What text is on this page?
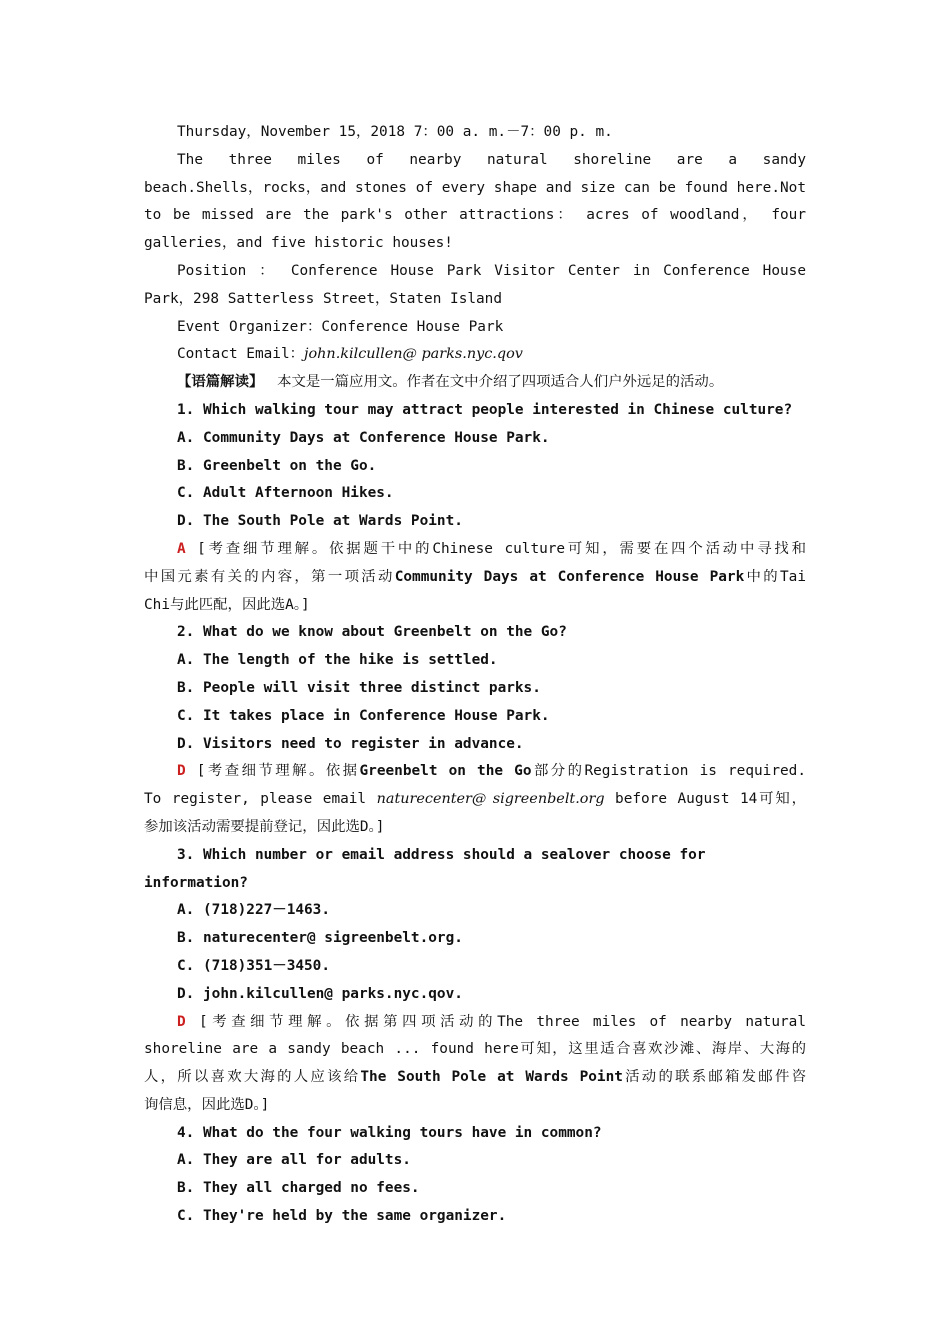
Thursday，November 15，2018 7：00 a. m.－7：00 p. m.

The three miles of nearby natural shoreline are a sandy

beach.Shells，rocks，and stones of every shape and size can be found here.Not

to be missed are the park's other attractions： acres of woodland， four

galleries，and five historic houses!

Position ： Conference House Park Visitor Center in Conference House

Park，298 Satterless Street，Staten Island

Event Organizer：Conference House Park

Contact Email：john.kilcullen@ parks.nyc.qov

【语篇解读】 本文是一篇应用文。作者在文中介绍了四项适合人们户外远足的活动。

1. Which walking tour may attract people interested in Chinese culture?

A. Community Days at Conference House Park.

B. Greenbelt on the Go.

C. Adult Afternoon Hikes.

D. The South Pole at Wards Point.

A [考查细节理解。依据题干中的Chinese culture可知，需要在四个活动中寻找和

中国元素有关的内容，第一项活动Community Days at Conference House Park中的Tai

Chi与此匹配，因此选A。]

2. What do we know about Greenbelt on the Go?

A. The length of the hike is settled.

B. People will visit three distinct parks.

C. It takes place in Conference House Park.

D. Visitors need to register in advance.

D [考查细节理解。依据Greenbelt on the Go部分的Registration is required.

To register, please email naturecenter@ sigreenbelt.org before August 14可知，

参加该活动需要提前登记，因此选D。]

3. Which number or email address should a sealover choose for information?

A. (718)227－1463.

B. naturecenter@ sigreenbelt.org.

C. (718)351－3450.

D. john.kilcullen@ parks.nyc.qov.

D [考查细节理解。依据第四项活动的The three miles of nearby natural

shoreline are a sandy beach ... found here可知，这里适合喜欢沙滩、海岸、大海的

人，所以喜欢大海的人应该给The South Pole at Wards Point活动的联系邮箱发邮件咨

询信息，因此选D。]

4. What do the four walking tours have in common?

A. They are all for adults.

B. They all charged no fees.

C. They're held by the same organizer.
